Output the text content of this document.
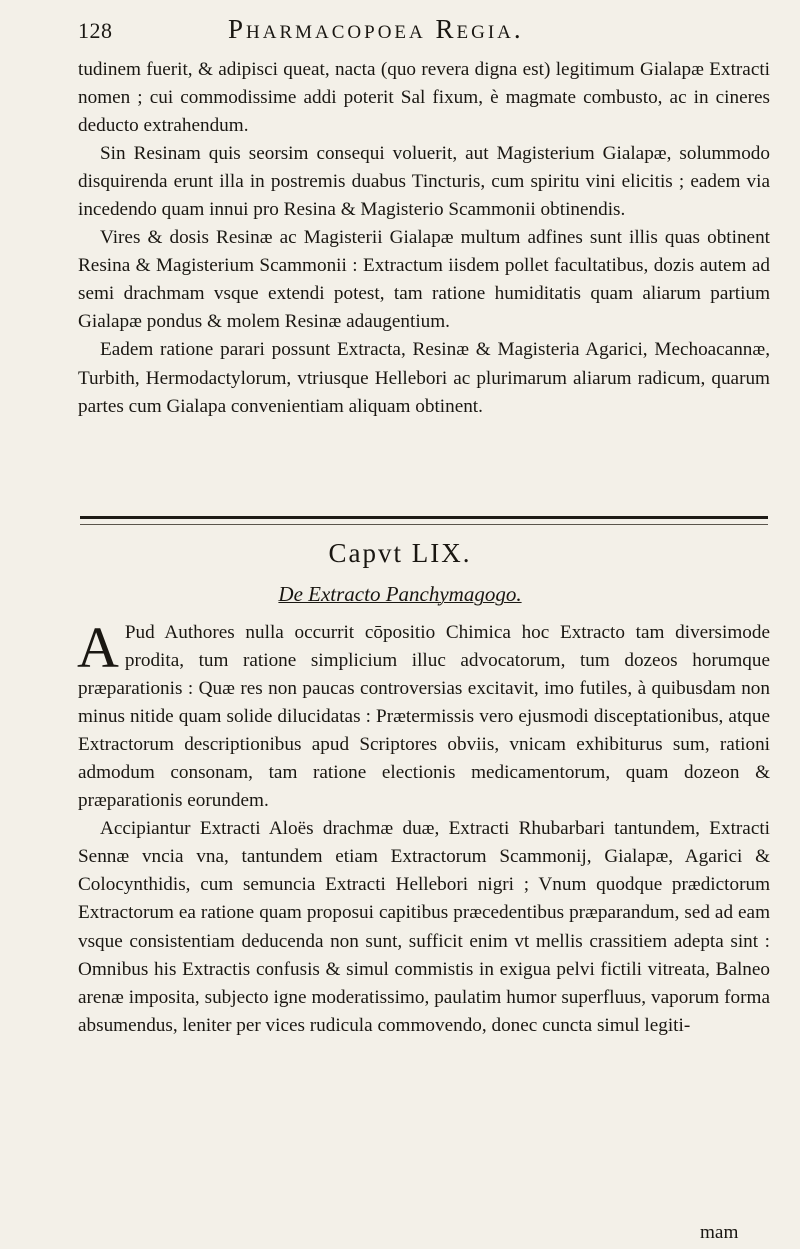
128	Pharmacopoea Regia.

tudinem fuerit, & adipisci queat, nacta (quo revera digna est) legitimum Gialapæ Extracti nomen ; cui commodissime addi poterit Sal fixum, è magmate combusto, ac in cineres deducto extrahendum.

Sin Resinam quis seorsim consequi voluerit, aut Magisterium Gialapæ, solummodo disquirenda erunt illa in postremis duabus Tincturis, cum spiritu vini elicitis ; eadem via incedendo quam innui pro Resina & Magisterio Scammonii obtinendis.

Vires & dosis Resinæ ac Magisterii Gialapæ multum adfines sunt illis quas obtinent Resina & Magisterium Scammonii : Extractum iisdem pollet facultatibus, dozis autem ad semi drachmam vsque extendi potest, tam ratione humiditatis quam aliarum partium Gialapæ pondus & molem Resinæ adaugentium.

Eadem ratione parari possunt Extracta, Resinæ & Magisteria Agarici, Mechoacannæ, Turbith, Hermodactylorum, vtriusque Hellebori ac plurimarum aliarum radicum, quarum partes cum Gialapa convenientiam aliquam obtinent.

Capvt LIX.
De Extracto Panchymagogo.

A Pud Authores nulla occurrit cōpositio Chimica hoc Extracto tam diversimode prodita, tum ratione simplicium illuc advocatorum, tum dozeos horumque præparationis : Quæ res non paucas controversias excitavit, imo futiles, à quibusdam non minus nitide quam solide dilucidatas : Prætermissis vero ejusmodi disceptationibus, atque Extractorum descriptionibus apud Scriptores obviis, vnicam exhibiturus sum, rationi admodum consonam, tam ratione electionis medicamentorum, quam dozeon & præparationis eorundem.

Accipiantur Extracti Aloës drachmæ duæ, Extracti Rhubarbari tantundem, Extracti Sennæ vncia vna, tantundem etiam Extractorum Scammonij, Gialapæ, Agarici & Colocynthidis, cum semuncia Extracti Hellebori nigri ; Vnum quodque prædictorum Extractorum ea ratione quam proposui capitibus præcedentibus præparandum, sed ad eam vsque consistentiam deducenda non sunt, sufficit enim vt mellis crassitiem adepta sint : Omnibus his Extractis confusis & simul commistis in exigua pelvi fictili vitreata, Balneo arenæ imposita, subjecto igne moderatissimo, paulatim humor superfluus, vaporum forma absumendus, leniter per vices rudicula commovendo, donec cuncta simul legiti-

mam
